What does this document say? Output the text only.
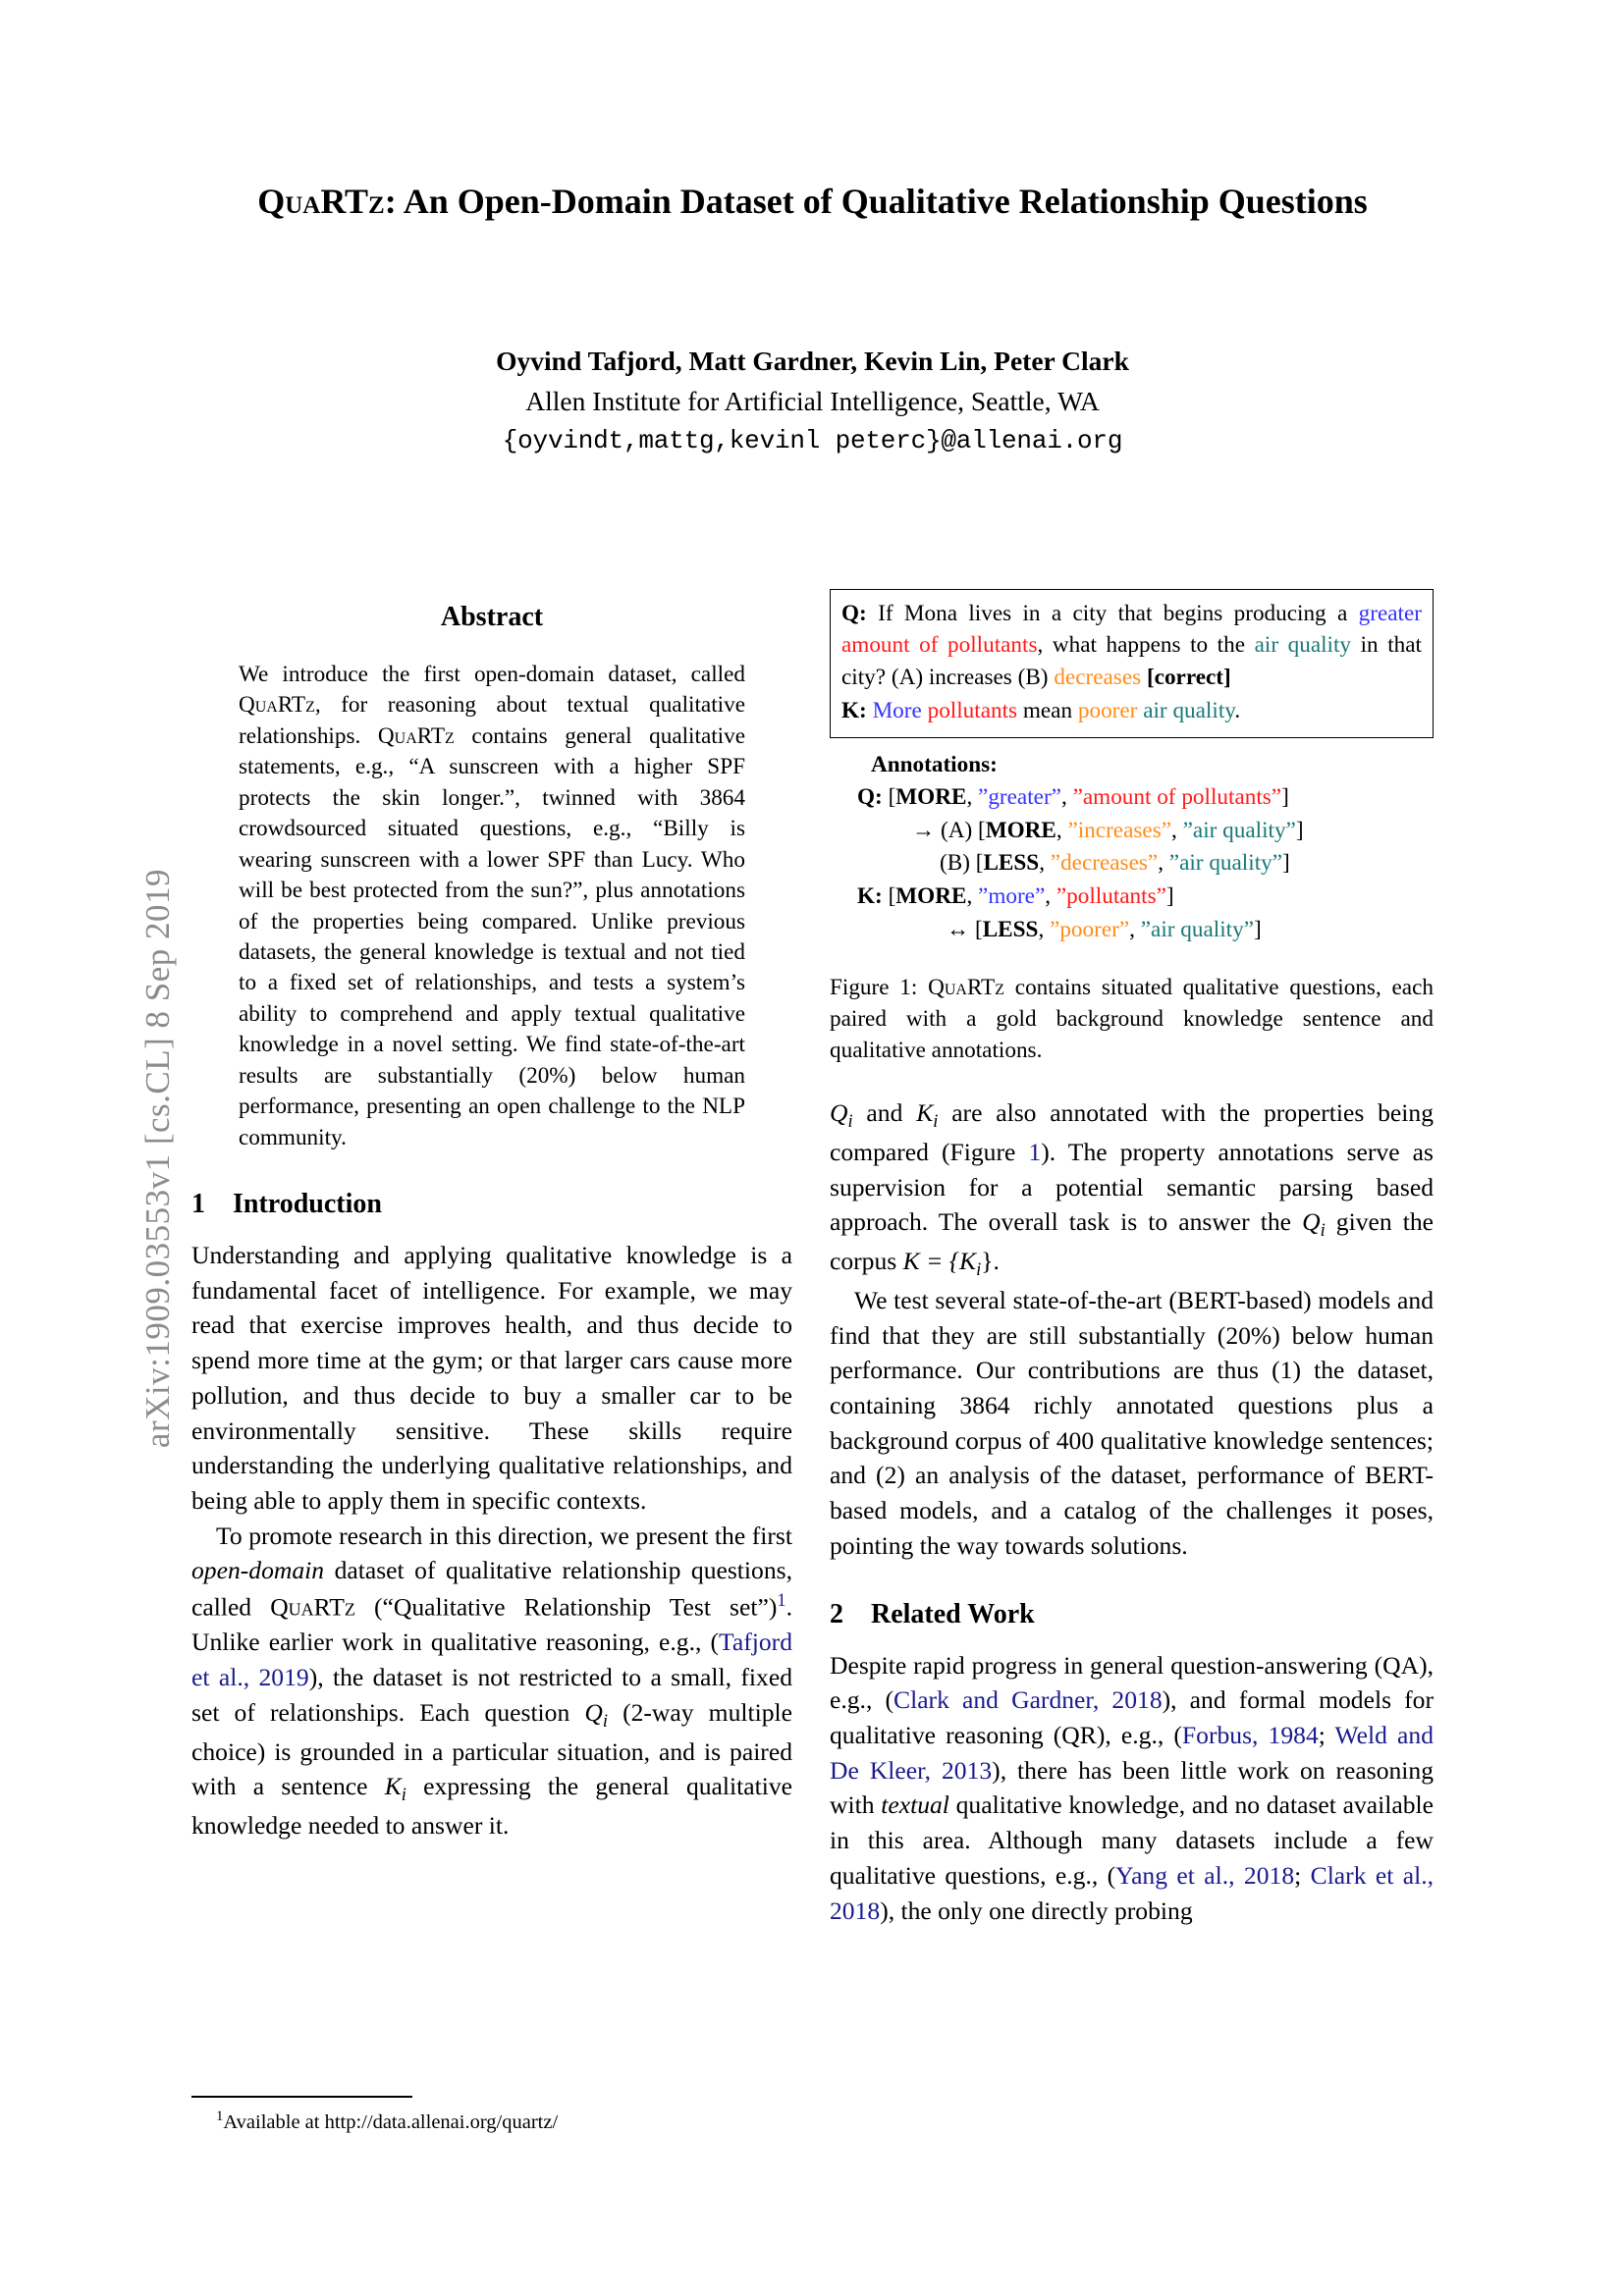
arXiv:1909.03553v1 [cs.CL] 8 Sep 2019
QuaRTz: An Open-Domain Dataset of Qualitative Relationship Questions
Oyvind Tafjord, Matt Gardner, Kevin Lin, Peter Clark
Allen Institute for Artificial Intelligence, Seattle, WA
{oyvindt,mattg,kevinl peterc}@allenai.org
Abstract
We introduce the first open-domain dataset, called QuaRTz, for reasoning about textual qualitative relationships. QuaRTz contains general qualitative statements, e.g., “A sunscreen with a higher SPF protects the skin longer.”, twinned with 3864 crowdsourced situated questions, e.g., “Billy is wearing sunscreen with a lower SPF than Lucy. Who will be best protected from the sun?”, plus annotations of the properties being compared. Unlike previous datasets, the general knowledge is textual and not tied to a fixed set of relationships, and tests a system’s ability to comprehend and apply textual qualitative knowledge in a novel setting. We find state-of-the-art results are substantially (20%) below human performance, presenting an open challenge to the NLP community.
1 Introduction

Understanding and applying qualitative knowledge is a fundamental facet of intelligence. For example, we may read that exercise improves health, and thus decide to spend more time at the gym; or that larger cars cause more pollution, and thus decide to buy a smaller car to be environmentally sensitive. These skills require understanding the underlying qualitative relationships, and being able to apply them in specific contexts.

To promote research in this direction, we present the first open-domain dataset of qualitative relationship questions, called QuaRTz (“Qualitative Relationship Test set”)$^1$. Unlike earlier work in qualitative reasoning, e.g., (Tafjord et al., 2019), the dataset is not restricted to a small, fixed set of relationships. Each question $Q_i$ (2-way multiple choice) is grounded in a particular situation, and is paired with a sentence $K_i$ expressing the general qualitative knowledge needed to answer it.

$^1$Available at http://data.allenai.org/quartz/
Q: If Mona lives in a city that begins producing a greater amount of pollutants, what happens to the air quality in that city? (A) increases (B) decreases [correct]
K: More pollutants mean poorer air quality.
Annotations:
Q: [MORE, ”greater”, ”amount of pollutants”]
→ (A) [MORE, ”increases”, ”air quality”]
(B) [LESS, ”decreases”, ”air quality”]
K: [MORE, ”more”, ”pollutants”]
↔ [LESS, ”poorer”, ”air quality”]
Figure 1: QuaRTz contains situated qualitative questions, each paired with a gold background knowledge sentence and qualitative annotations.

$Q_i$ and $K_i$ are also annotated with the properties being compared (Figure 1). The property annotations serve as supervision for a potential semantic parsing based approach. The overall task is to answer the $Q_i$ given the corpus $K = \{K_i\}$.

We test several state-of-the-art (BERT-based) models and find that they are still substantially (20%) below human performance. Our contributions are thus (1) the dataset, containing 3864 richly annotated questions plus a background corpus of 400 qualitative knowledge sentences; and (2) an analysis of the dataset, performance of BERT-based models, and a catalog of the challenges it poses, pointing the way towards solutions.

2 Related Work

Despite rapid progress in general question-answering (QA), e.g., (Clark and Gardner, 2018), and formal models for qualitative reasoning (QR), e.g., (Forbus, 1984; Weld and De Kleer, 2013), there has been little work on reasoning with textual qualitative knowledge, and no dataset available in this area. Although many datasets include a few qualitative questions, e.g., (Yang et al., 2018; Clark et al., 2018), the only one directly probing
